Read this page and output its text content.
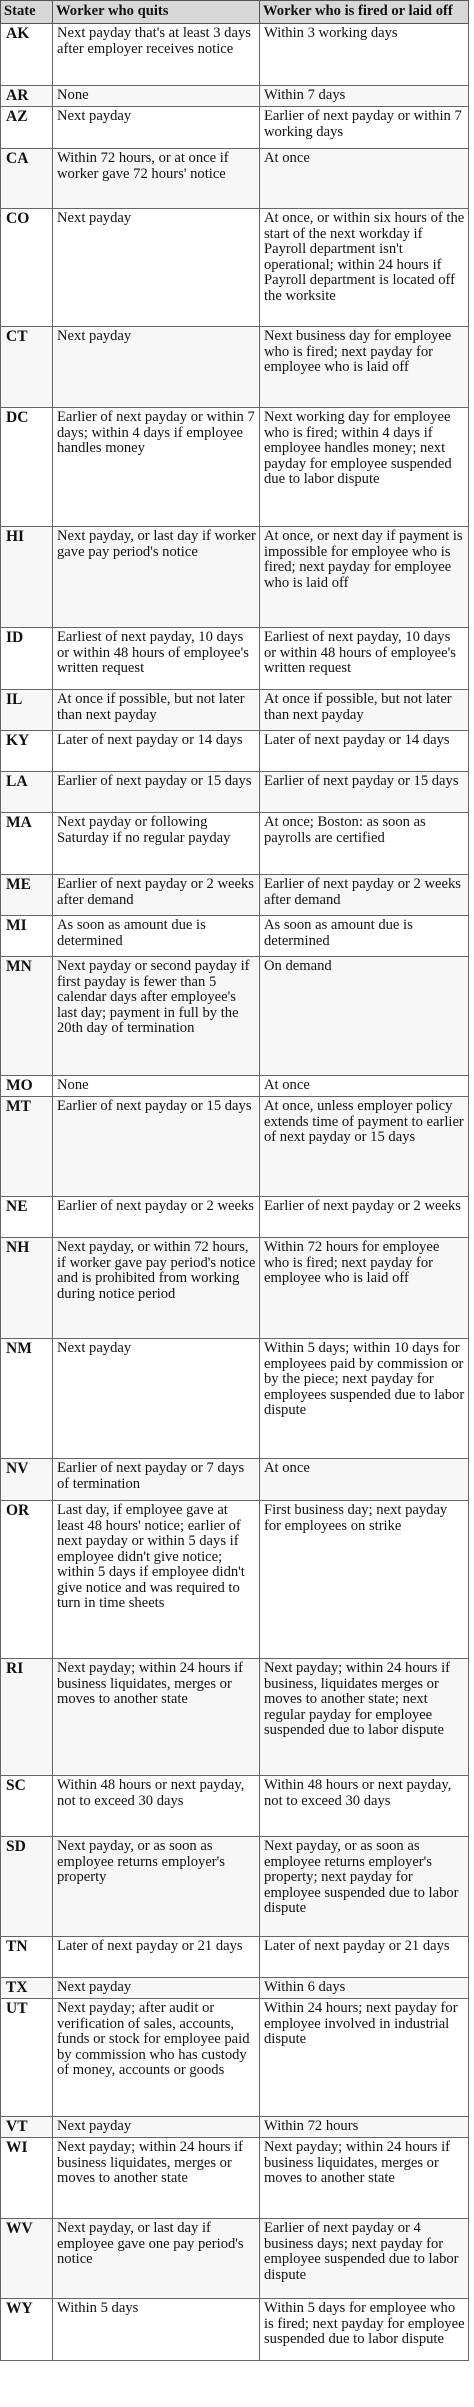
State	Worker who quits	Worker who is fired or laid off
AK	Next payday that's at least 3 days after employer receives notice	Within 3 working days
AR	None	Within 7 days
AZ	Next payday	Earlier of next payday or within 7 working days
CA	Within 72 hours, or at once if worker gave 72 hours' notice	At once
CO	Next payday	At once, or within six hours of the start of the next workday if Payroll department isn't operational; within 24 hours if Payroll department is located off the worksite
CT	Next payday	Next business day for employee who is fired; next payday for employee who is laid off
DC	Earlier of next payday or within 7 days; within 4 days if employee handles money	Next working day for employee who is fired; within 4 days if employee handles money; next payday for employee suspended due to labor dispute
HI	Next payday, or last day if worker gave pay period's notice	At once, or next day if payment is impossible for employee who is fired; next payday for employee who is laid off
ID	Earliest of next payday, 10 days or within 48 hours of employee's written request	Earliest of next payday, 10 days or within 48 hours of employee's written request
IL	At once if possible, but not later than next payday	At once if possible, but not later than next payday
KY	Later of next payday or 14 days	Later of next payday or 14 days
LA	Earlier of next payday or 15 days	Earlier of next payday or 15 days
MA	Next payday or following Saturday if no regular payday	At once; Boston: as soon as payrolls are certified
ME	Earlier of next payday or 2 weeks after demand	Earlier of next payday or 2 weeks after demand
MI	As soon as amount due is determined	As soon as amount due is determined
MN	Next payday or second payday if first payday is fewer than 5 calendar days after employee's last day; payment in full by the 20th day of termination	On demand
MO	None	At once
MT	Earlier of next payday or 15 days	At once, unless employer policy extends time of payment to earlier of next payday or 15 days
NE	Earlier of next payday or 2 weeks	Earlier of next payday or 2 weeks
NH	Next payday, or within 72 hours, if worker gave pay period's notice and is prohibited from working during notice period	Within 72 hours for employee who is fired; next payday for employee who is laid off
NM	Next payday	Within 5 days; within 10 days for employees paid by commission or by the piece; next payday for employees suspended due to labor dispute
NV	Earlier of next payday or 7 days of termination	At once
OR	Last day, if employee gave at least 48 hours' notice; earlier of next payday or within 5 days if employee didn't give notice; within 5 days if employee didn't give notice and was required to turn in time sheets	First business day; next payday for employees on strike
RI	Next payday; within 24 hours if business liquidates, merges or moves to another state	Next payday; within 24 hours if business, liquidates merges or moves to another state; next regular payday for employee suspended due to labor dispute
SC	Within 48 hours or next payday, not to exceed 30 days	Within 48 hours or next payday, not to exceed 30 days
SD	Next payday, or as soon as employee returns employer's property	Next payday, or as soon as employee returns employer's property; next payday for employee suspended due to labor dispute
TN	Later of next payday or 21 days	Later of next payday or 21 days
TX	Next payday	Within 6 days
UT	Next payday; after audit or verification of sales, accounts, funds or stock for employee paid by commission who has custody of money, accounts or goods	Within 24 hours; next payday for employee involved in industrial dispute
VT	Next payday	Within 72 hours
WI	Next payday; within 24 hours if business liquidates, merges or moves to another state	Next payday; within 24 hours if business liquidates, merges or moves to another state
WV	Next payday, or last day if employee gave one pay period's notice	Earlier of next payday or 4 business days; next payday for employee suspended due to labor dispute
WY	Within 5 days	Within 5 days for employee who is fired; next payday for employee suspended due to labor dispute
